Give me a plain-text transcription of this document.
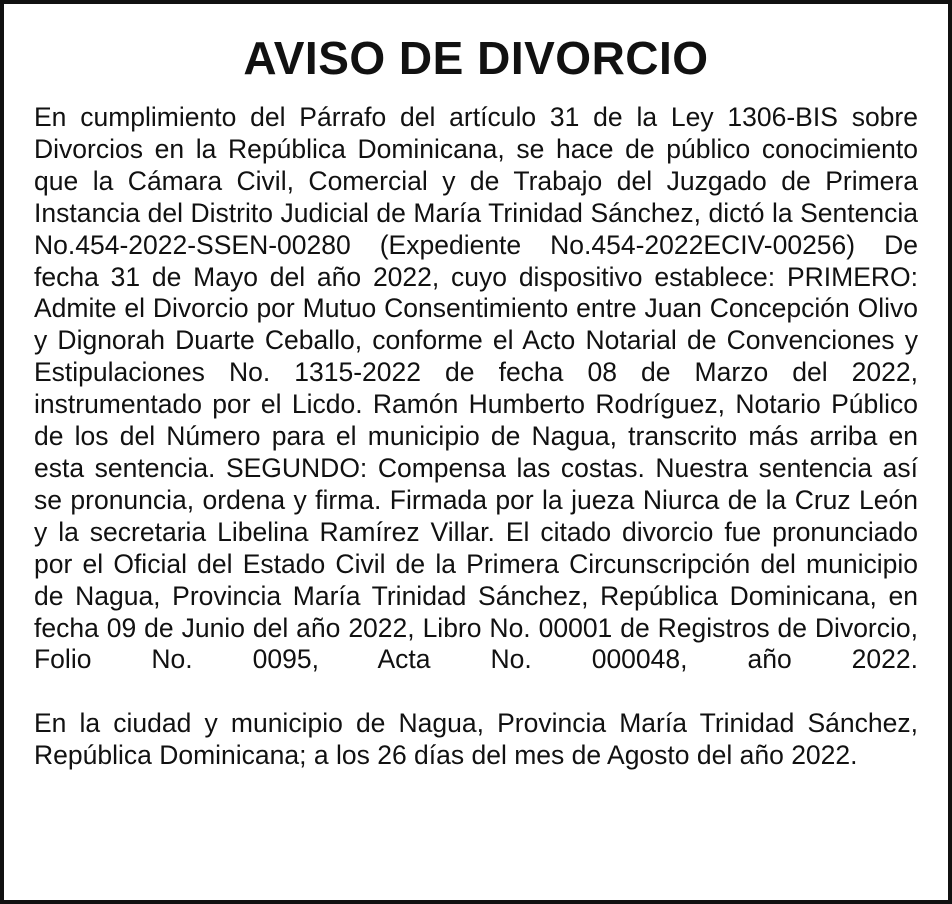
AVISO DE DIVORCIO

En cumplimiento del Párrafo del artículo 31 de la Ley 1306-BIS sobre Divorcios en la República Dominicana, se hace de público conocimiento que la Cámara Civil, Comercial y de Trabajo del Juzgado de Primera Instancia del Distrito Judicial de María Trinidad Sánchez, dictó la Sentencia No.454-2022-SSEN-00280 (Expediente No.454-2022ECIV-00256) De fecha 31 de Mayo del año 2022, cuyo dispositivo establece: PRIMERO: Admite el Divorcio por Mutuo Consentimiento entre Juan Concepción Olivo y Dignorah Duarte Ceballo, conforme el Acto Notarial de Convenciones y Estipulaciones No. 1315-2022 de fecha 08 de Marzo del 2022, instrumentado por el Licdo. Ramón Humberto Rodríguez, Notario Público de los del Número para el municipio de Nagua, transcrito más arriba en esta sentencia. SEGUNDO: Compensa las costas. Nuestra sentencia así se pronuncia, ordena y firma. Firmada por la jueza Niurca de la Cruz León y la secretaria Libelina Ramírez Villar. El citado divorcio fue pronunciado por el Oficial del Estado Civil de la Primera Circunscripción del municipio de Nagua, Provincia María Trinidad Sánchez, República Dominicana, en fecha 09 de Junio del año 2022, Libro No. 00001 de Registros de Divorcio, Folio No. 0095, Acta No. 000048, año 2022.

En la ciudad y municipio de Nagua, Provincia María Trinidad Sánchez, República Dominicana; a los 26 días del mes de Agosto del año 2022.
